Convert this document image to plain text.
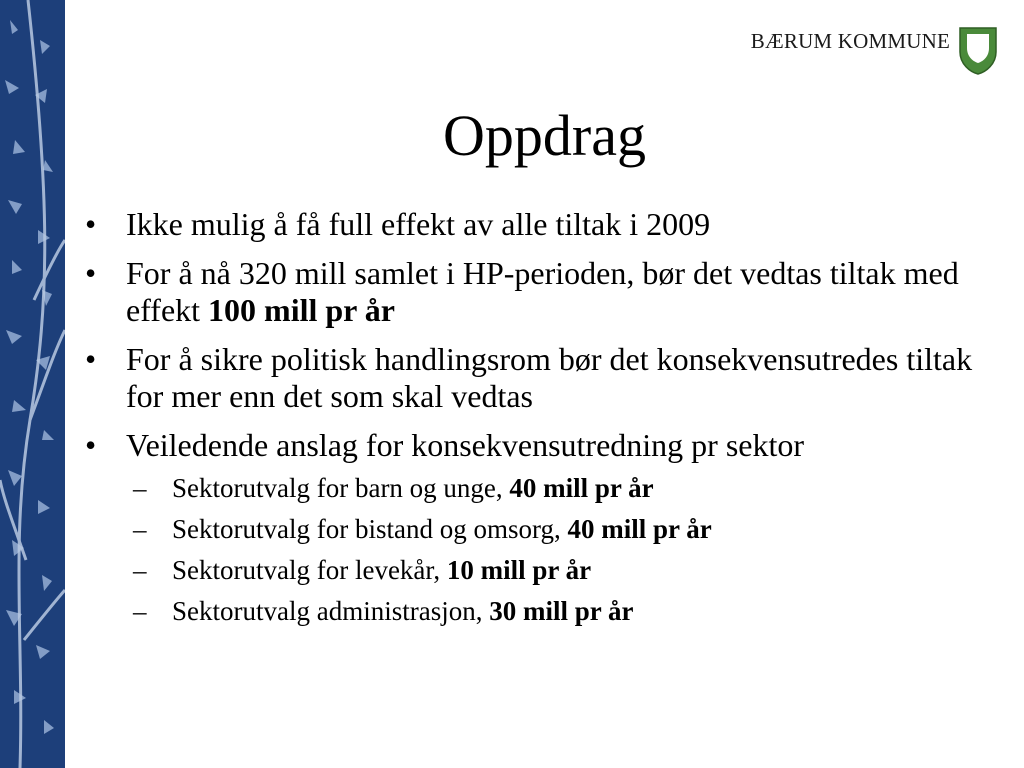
BÆRUM KOMMUNE
Oppdrag
• Ikke mulig å få full effekt av alle tiltak i 2009
• For å nå 320 mill samlet i HP-perioden, bør det vedtas tiltak med effekt 100 mill pr år
• For å sikre politisk handlingsrom bør det konsekvensutredes tiltak for mer enn det som skal vedtas
• Veiledende anslag for konsekvensutredning pr sektor
– Sektorutvalg for barn og unge, 40 mill pr år
– Sektorutvalg for bistand og omsorg, 40 mill pr år
– Sektorutvalg for levekår, 10 mill pr år
– Sektorutvalg administrasjon, 30 mill pr år
